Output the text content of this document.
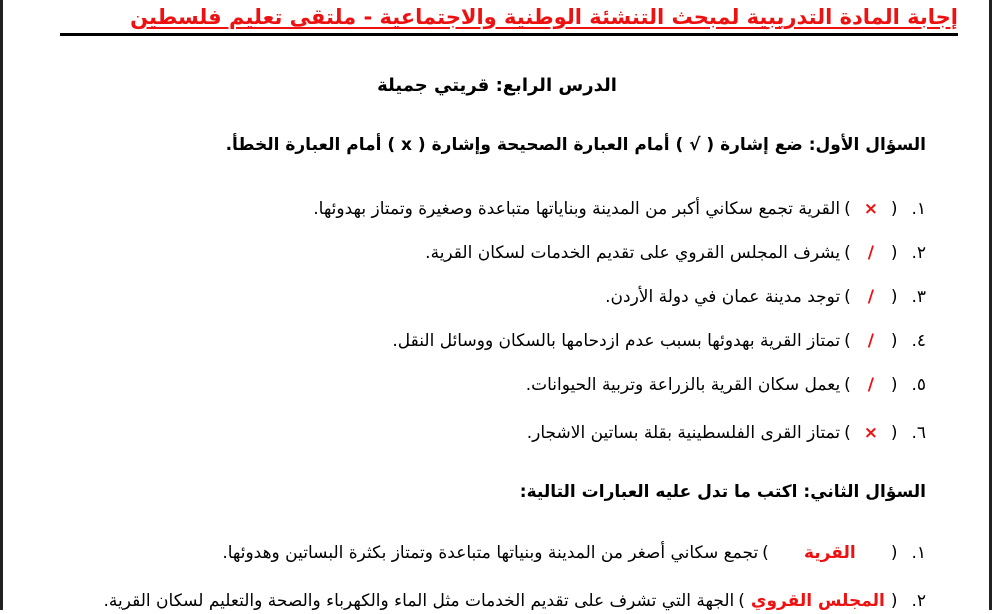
إجابة المادة التدريبية لمبحث التنشئة الوطنية والاجتماعية - ملتقى تعليم فلسطين
الدرس الرابع: قريتي جميلة
السؤال الأول: ضع إشارة ( √ ) أمام العبارة الصحيحة وإشارة ( x ) أمام العبارة الخطأ.
١.(×)القرية تجمع سكاني أكبر من المدينة وبناياتها متباعدة وصغيرة وتمتاز بهدوئها.
٢.(/)يشرف المجلس القروي على تقديم الخدمات لسكان القرية.
٣.(/)توجد مدينة عمان في دولة الأردن.
٤.(/)تمتاز القرية بهدوئها بسبب عدم ازدحامها بالسكان ووسائل النقل.
٥.(/)يعمل سكان القرية بالزراعة وتربية الحيوانات.
٦.(×)تمتاز القرى الفلسطينية بقلة بساتين الاشجار.
السؤال الثاني: اكتب ما تدل عليه العبارات التالية:
١.(القرية)تجمع سكاني أصغر من المدينة وبنياتها متباعدة وتمتاز بكثرة البساتين وهدوئها.
٢.(المجلس القروي)الجهة التي تشرف على تقديم الخدمات مثل الماء والكهرباء والصحة والتعليم لسكان القرية.
